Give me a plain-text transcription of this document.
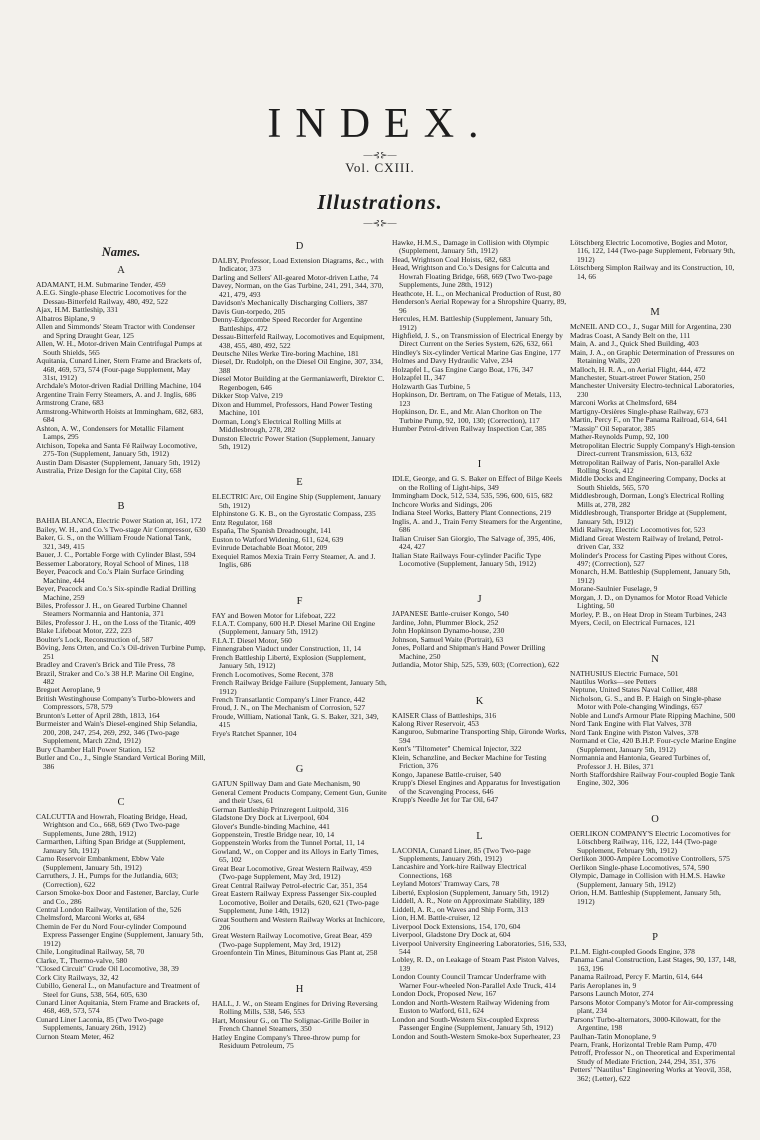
INDEX.
—⊰⊱—
Vol. CXIII.
Illustrations.
—⊰⊱—
Names.
A

ADAMANT, H.M. Submarine Tender, 459

A.E.G. Single-phase Electric Locomotives for the Dessau-Bitterfeld Railway, 480, 492, 522

Ajax, H.M. Battleship, 331

Albatros Biplane, 9

Allen and Simmonds' Steam Tractor with Condenser and Spring Draught Gear, 125

Allen, W. H., Motor-driven Main Centrifugal Pumps at South Shields, 565

Aquitania, Cunard Liner, Stern Frame and Brackets of, 468, 469, 573, 574 (Four-page Supplement, May 31st, 1912)

Archdale's Motor-driven Radial Drilling Machine, 104

Argentine Train Ferry Steamers, A. and J. Inglis, 686

Armstrong Crane, 683

Armstrong-Whitworth Hoists at Immingham, 682, 683, 684

Ashton, A. W., Condensers for Metallic Filament Lamps, 295

Atchison, Topeka and Santa Fé Railway Locomotive, 275-Ton (Supplement, January 5th, 1912)

Austin Dam Disaster (Supplement, January 5th, 1912)

Australia, Prize Design for the Capital City, 658

B

BAHIA BLANCA, Electric Power Station at, 161, 172

Bailey, W. H., and Co.'s Two-stage Air Compressor, 630

Baker, G. S., on the William Froude National Tank, 321, 349, 415

Bauer, J. C., Portable Forge with Cylinder Blast, 594

Bessemer Laboratory, Royal School of Mines, 118

Beyer, Peacock and Co.'s Plain Surface Grinding Machine, 444

Beyer, Peacock and Co.'s Six-spindle Radial Drilling Machine, 259

Biles, Professor J. H., on Geared Turbine Channel Steamers Normannia and Hantonia, 371

Biles, Professor J. H., on the Loss of the Titanic, 409

Blake Lifeboat Motor, 222, 223

Boulter's Lock, Reconstruction of, 587

Böving, Jens Orten, and Co.'s Oil-driven Turbine Pump, 251

Bradley and Craven's Brick and Tile Press, 78

Brazil, Straker and Co.'s 38 H.P. Marine Oil Engine, 482

Breguet Aeroplane, 9

British Westinghouse Company's Turbo-blowers and Compressors, 578, 579

Brunton's Letter of April 28th, 1813, 164

Burmeister and Wain's Diesel-engined Ship Selandia, 200, 208, 247, 254, 269, 292, 346 (Two-page Supplement, March 22nd, 1912)

Bury Chamber Hall Power Station, 152

Butler and Co., J., Single Standard Vertical Boring Mill, 386

C

CALCUTTA and Howrah, Floating Bridge, Head, Wrightson and Co., 668, 669 (Two Two-page Supplements, June 28th, 1912)

Carmarthen, Lifting Span Bridge at (Supplement, January 5th, 1912)

Carno Reservoir Embankment, Ebbw Vale (Supplement, January 5th, 1912)

Carruthers, J. H., Pumps for the Jutlandia, 603; (Correction), 622

Carson Smoke-box Door and Fastener, Barclay, Curle and Co., 286

Central London Railway, Ventilation of the, 526

Chelmsford, Marconi Works at, 684

Chemin de Fer du Nord Four-cylinder Compound Express Passenger Engine (Supplement, January 5th, 1912)

Chile, Longitudinal Railway, 58, 70

Clarke, T., Thermo-valve, 580

"Closed Circuit" Crude Oil Locomotive, 38, 39

Cork City Railways, 32, 42

Cubillo, General L., on Manufacture and Treatment of Steel for Guns, 538, 564, 605, 630

Cunard Liner Aquitania, Stern Frame and Brackets of, 468, 469, 573, 574

Cunard Liner Laconia, 85 (Two Two-page Supplements, January 26th, 1912)

Curnon Steam Meter, 462

D

DALBY, Professor, Load Extension Diagrams, &c., with Indicator, 373

Darling and Sellers' All-geared Motor-driven Lathe, 74

Davey, Norman, on the Gas Turbine, 241, 291, 344, 370, 421, 479, 493

Davidson's Mechanically Discharging Colliers, 387

Davis Gun-torpedo, 205

Denny-Edgecombe Speed Recorder for Argentine Battleships, 472

Dessau-Bitterfeld Railway, Locomotives and Equipment, 438, 455, 480, 492, 522

Deutsche Niles Werke Tire-boring Machine, 181

Diesel, Dr. Rudolph, on the Diesel Oil Engine, 307, 334, 388

Diesel Motor Building at the Germaniawerft, Direktor C. Regenbogen, 646

Dikker Stop Valve, 219

Dixon and Hummel, Professors, Hand Power Testing Machine, 101

Dorman, Long's Electrical Rolling Mills at Middlesbrough, 278, 282

Dunston Electric Power Station (Supplement, January 5th, 1912)

E

ELECTRIC Arc, Oil Engine Ship (Supplement, January 5th, 1912)

Elphinstone G. K. B., on the Gyrostatic Compass, 235

Entz Regulator, 168

España, The Spanish Dreadnought, 141

Euston to Watford Widening, 611, 624, 639

Evinrude Detachable Boat Motor, 209

Exequiel Ramos Mexia Train Ferry Steamer, A. and J. Inglis, 686

F

FAY and Bowen Motor for Lifeboat, 222

F.I.A.T. Company, 600 H.P. Diesel Marine Oil Engine (Supplement, January 5th, 1912)

F.I.A.T. Diesel Motor, 560

Finnengraben Viaduct under Construction, 11, 14

French Battleship Liberté, Explosion (Supplement, January 5th, 1912)

French Locomotives, Some Recent, 378

French Railway Bridge Failure (Supplement, January 5th, 1912)

French Transatlantic Company's Liner France, 442

Froud, J. N., on The Mechanism of Corrosion, 527

Froude, William, National Tank, G. S. Baker, 321, 349, 415

Frye's Ratchet Spanner, 104

G

GATUN Spillway Dam and Gate Mechanism, 90

General Cement Products Company, Cement Gun, Gunite and their Uses, 61

German Battleship Prinzregent Luitpold, 316

Gladstone Dry Dock at Liverpool, 604

Glover's Bundle-binding Machine, 441

Goppenstein, Trestle Bridge near, 10, 14

Goppenstein Works from the Tunnel Portal, 11, 14

Gowland, W., on Copper and its Alloys in Early Times, 65, 102

Great Bear Locomotive, Great Western Railway, 459 (Two-page Supplement, May 3rd, 1912)

Great Central Railway Petrol-electric Car, 351, 354

Great Eastern Railway Express Passenger Six-coupled Locomotive, Boiler and Details, 620, 621 (Two-page Supplement, June 14th, 1912)

Great Southern and Western Railway Works at Inchicore, 206

Great Western Railway Locomotive, Great Bear, 459 (Two-page Supplement, May 3rd, 1912)

Groenfontein Tin Mines, Bituminous Gas Plant at, 258

H

HALL, J. W., on Steam Engines for Driving Reversing Rolling Mills, 538, 546, 553

Hart, Monsieur G., on The Solignac-Grille Boiler in French Channel Steamers, 350

Hatley Engine Company's Three-throw pump for Residuum Petroleum, 75

Hawke, H.M.S., Damage in Collision with Olympic (Supplement, January 5th, 1912)

Head, Wrightson Coal Hoists, 682, 683

Head, Wrightson and Co.'s Designs for Calcutta and Howrah Floating Bridge, 668, 669 (Two Two-page Supplements, June 28th, 1912)

Heathcote, H. L., on Mechanical Production of Rust, 80

Henderson's Aerial Ropeway for a Shropshire Quarry, 89, 96

Hercules, H.M. Battleship (Supplement, January 5th, 1912)

Highfield, J. S., on Transmission of Electrical Energy by Direct Current on the Series System, 626, 632, 661

Hindley's Six-cylinder Vertical Marine Gas Engine, 177

Holmes and Davy Hydraulic Valve, 234

Holzapfel I., Gas Engine Cargo Boat, 176, 347

Holzapfel II., 347

Holzwarth Gas Turbine, 5

Hopkinson, Dr. Bertram, on The Fatigue of Metals, 113, 123

Hopkinson, Dr. E., and Mr. Alan Chorlton on The Turbine Pump, 92, 100, 130; (Correction), 117

Humber Petrol-driven Railway Inspection Car, 385

I

IDLE, George, and G. S. Baker on Effect of Bilge Keels on the Rolling of Light-hips, 349

Immingham Dock, 512, 534, 535, 596, 600, 615, 682

Inchcore Works and Sidings, 206

Indiana Steel Works, Battery Plant Connections, 219

Inglis, A. and J., Train Ferry Steamers for the Argentine, 686

Italian Cruiser San Giorgio, The Salvage of, 395, 406, 424, 427

Italian State Railways Four-cylinder Pacific Type Locomotive (Supplement, January 5th, 1912)

J

JAPANESE Battle-cruiser Kongo, 540

Jardine, John, Plummer Block, 252

John Hopkinson Dynamo-house, 230

Johnson, Samuel Waite (Portrait), 63

Jones, Pollard and Shipman's Hand Power Drilling Machine, 250

Jutlandia, Motor Ship, 525, 539, 603; (Correction), 622

K

KAISER Class of Battleships, 316

Kalong River Reservoir, 453

Kanguroo, Submarine Transporting Ship, Gironde Works, 594

Kent's "Tiltometer" Chemical Injector, 322

Klein, Schanzline, and Becker Machine for Testing Friction, 376

Kongo, Japanese Battle-cruiser, 540

Krupp's Diesel Engines and Apparatus for Investigation of the Scavenging Process, 646

Krupp's Needle Jet for Tar Oil, 647

L

LACONIA, Cunard Liner, 85 (Two Two-page Supplements, January 26th, 1912)

Lancashire and York-hire Railway Electrical Connections, 168

Leyland Motors' Tramway Cars, 78

Liberté, Explosion (Supplement, January 5th, 1912)

Liddell, A. R., Note on Approximate Stability, 189

Liddell, A. R., on Waves and Ship Form, 313

Lion, H.M. Battle-cruiser, 12

Liverpool Dock Extensions, 154, 170, 604

Liverpool, Gladstone Dry Dock at, 604

Liverpool University Engineering Laboratories, 516, 533, 544

Lobley, R. D., on Leakage of Steam Past Piston Valves, 139

London County Council Tramcar Underframe with Warner Four-wheeled Non-Parallel Axle Truck, 414

London Dock, Proposed New, 167

London and North-Western Railway Widening from Euston to Watford, 611, 624

London and South-Western Six-coupled Express Passenger Engine (Supplement, January 5th, 1912)

London and South-Western Smoke-box Superheater, 23

Lötschberg Electric Locomotive, Bogies and Motor, 116, 122, 144 (Two-page Supplement, February 9th, 1912)

Lötschberg Simplon Railway and its Construction, 10, 14, 66

M

McNEIL AND CO., J., Sugar Mill for Argentina, 230

Madras Coast, A Sandy Belt on the, 111

Main, A. and J., Quick Shed Building, 403

Main, J. A., on Graphic Determination of Pressures on Retaining Walls, 220

Malloch, H. R. A., on Aerial Flight, 444, 472

Manchester, Stuart-street Power Station, 250

Manchester University Electro-technical Laboratories, 230

Marconi Works at Chelmsford, 684

Martigny-Orsières Single-phase Railway, 673

Martin, Percy F., on The Panama Railroad, 614, 641

"Massip" Oil Separator, 385

Mather-Reynolds Pump, 92, 100

Metropolitan Electric Supply Company's High-tension Direct-current Transmission, 613, 632

Metropolitan Railway of Paris, Non-parallel Axle Rolling Stock, 412

Middle Docks and Engineering Company, Docks at South Shields, 565, 570

Middlesbrough, Dorman, Long's Electrical Rolling Mills at, 278, 282

Middlesbrough, Transporter Bridge at (Supplement, January 5th, 1912)

Midi Railway, Electric Locomotives for, 523

Midland Great Western Railway of Ireland, Petrol-driven Car, 332

Molinder's Process for Casting Pipes without Cores, 497; (Correction), 527

Monarch, H.M. Battleship (Supplement, January 5th, 1912)

Morane-Saulnier Fuselage, 9

Morgan, J. D., on Dynamos for Motor Road Vehicle Lighting, 50

Morley, P. B., on Heat Drop in Steam Turbines, 243

Myers, Cecil, on Electrical Furnaces, 121

N

NATHUSIUS Electric Furnace, 501

Nautilus Works—see Petters

Neptune, United States Naval Collier, 488

Nicholson, G. S., and B. P. Haigh on Single-phase Motor with Pole-changing Windings, 657

Noble and Lund's Armour Plate Ripping Machine, 500

Nord Tank Engine with Flat Valves, 378

Nord Tank Engine with Piston Valves, 378

Normand et Cie, 420 B.H.P. Four-cycle Marine Engine (Supplement, January 5th, 1912)

Normannia and Hantonia, Geared Turbines of, Professor J. H. Biles, 371

North Staffordshire Railway Four-coupled Bogie Tank Engine, 302, 306

O

OERLIKON COMPANY'S Electric Locomotives for Lötschberg Railway, 116, 122, 144 (Two-page Supplement, February 9th, 1912)

Oerlikon 3000-Ampère Locomotive Controllers, 575

Oerlikon Single-phase Locomotives, 574, 590

Olympic, Damage in Collision with H.M.S. Hawke (Supplement, January 5th, 1912)

Orion, H.M. Battleship (Supplement, January 5th, 1912)

P

P.L.M. Eight-coupled Goods Engine, 378

Panama Canal Construction, Last Stages, 90, 137, 148, 163, 196

Panama Railroad, Percy F. Martin, 614, 644

Paris Aeroplanes in, 9

Parsons Launch Motor, 274

Parsons Motor Company's Motor for Air-compressing plant, 234

Parsons' Turbo-alternators, 3000-Kilowatt, for the Argentine, 198

Paulhan-Tatin Monoplane, 9

Pearn, Frank, Horizontal Treble Ram Pump, 470

Petroff, Professor N., on Theoretical and Experimental Study of Mediate Friction, 244, 294, 351, 376

Petters' "Nautilus" Engineering Works at Yeovil, 358, 362; (Letter), 622
